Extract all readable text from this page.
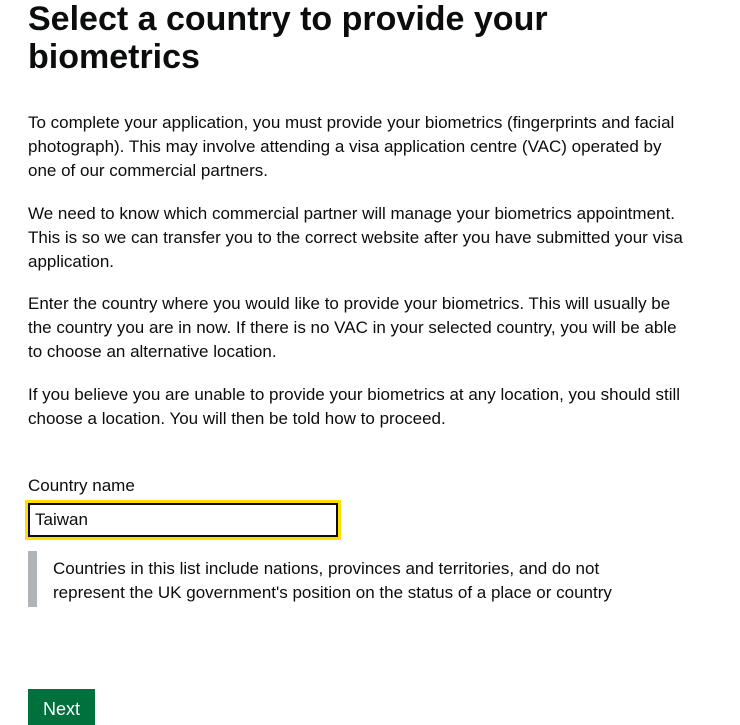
Select a country to provide your biometrics

To complete your application, you must provide your biometrics (fingerprints and facial photograph). This may involve attending a visa application centre (VAC) operated by one of our commercial partners.

We need to know which commercial partner will manage your biometrics appointment. This is so we can transfer you to the correct website after you have submitted your visa application.

Enter the country where you would like to provide your biometrics. This will usually be the country you are in now. If there is no VAC in your selected country, you will be able to choose an alternative location.

If you believe you are unable to provide your biometrics at any location, you should still choose a location. You will then be told how to proceed.

Country name
Taiwan
Countries in this list include nations, provinces and territories, and do not represent the UK government's position on the status of a place or country
Next
